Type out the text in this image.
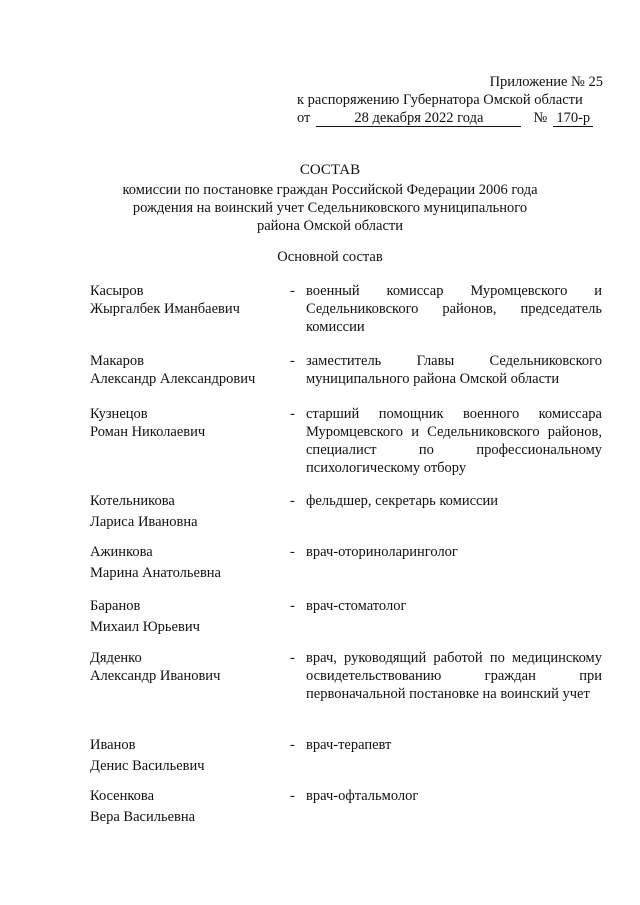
Приложение № 25
к распоряжению Губернатора Омской области
от	28 декабря 2022 года	№ 170-р
СОСТАВ
комиссии по постановке граждан Российской Федерации 2006 года
рождения на воинский учет Седельниковского муниципального
района Омской области
Основной состав
Касыров
Жыргалбек Иманбаевич
- военный комиссар Муромцевского и Седельниковского районов, председатель комиссии
Макаров
Александр Александрович
- заместитель Главы Седельниковского муниципального района Омской области
Кузнецов
Роман Николаевич
- старший помощник военного комиссара Муромцевского и Седельниковского районов, специалист по профессиональному психологическому отбору
Котельникова
Лариса Ивановна
- фельдшер, секретарь комиссии
Ажинкова
Марина Анатольевна
- врач-оториноларинголог
Баранов
Михаил Юрьевич
- врач-стоматолог
Дяденко
Александр Иванович
- врач, руководящий работой по медицинскому освидетельствованию граждан при первоначальной постановке на воинский учет
Иванов
Денис Васильевич
- врач-терапевт
Косенкова
Вера Васильевна
- врач-офтальмолог
